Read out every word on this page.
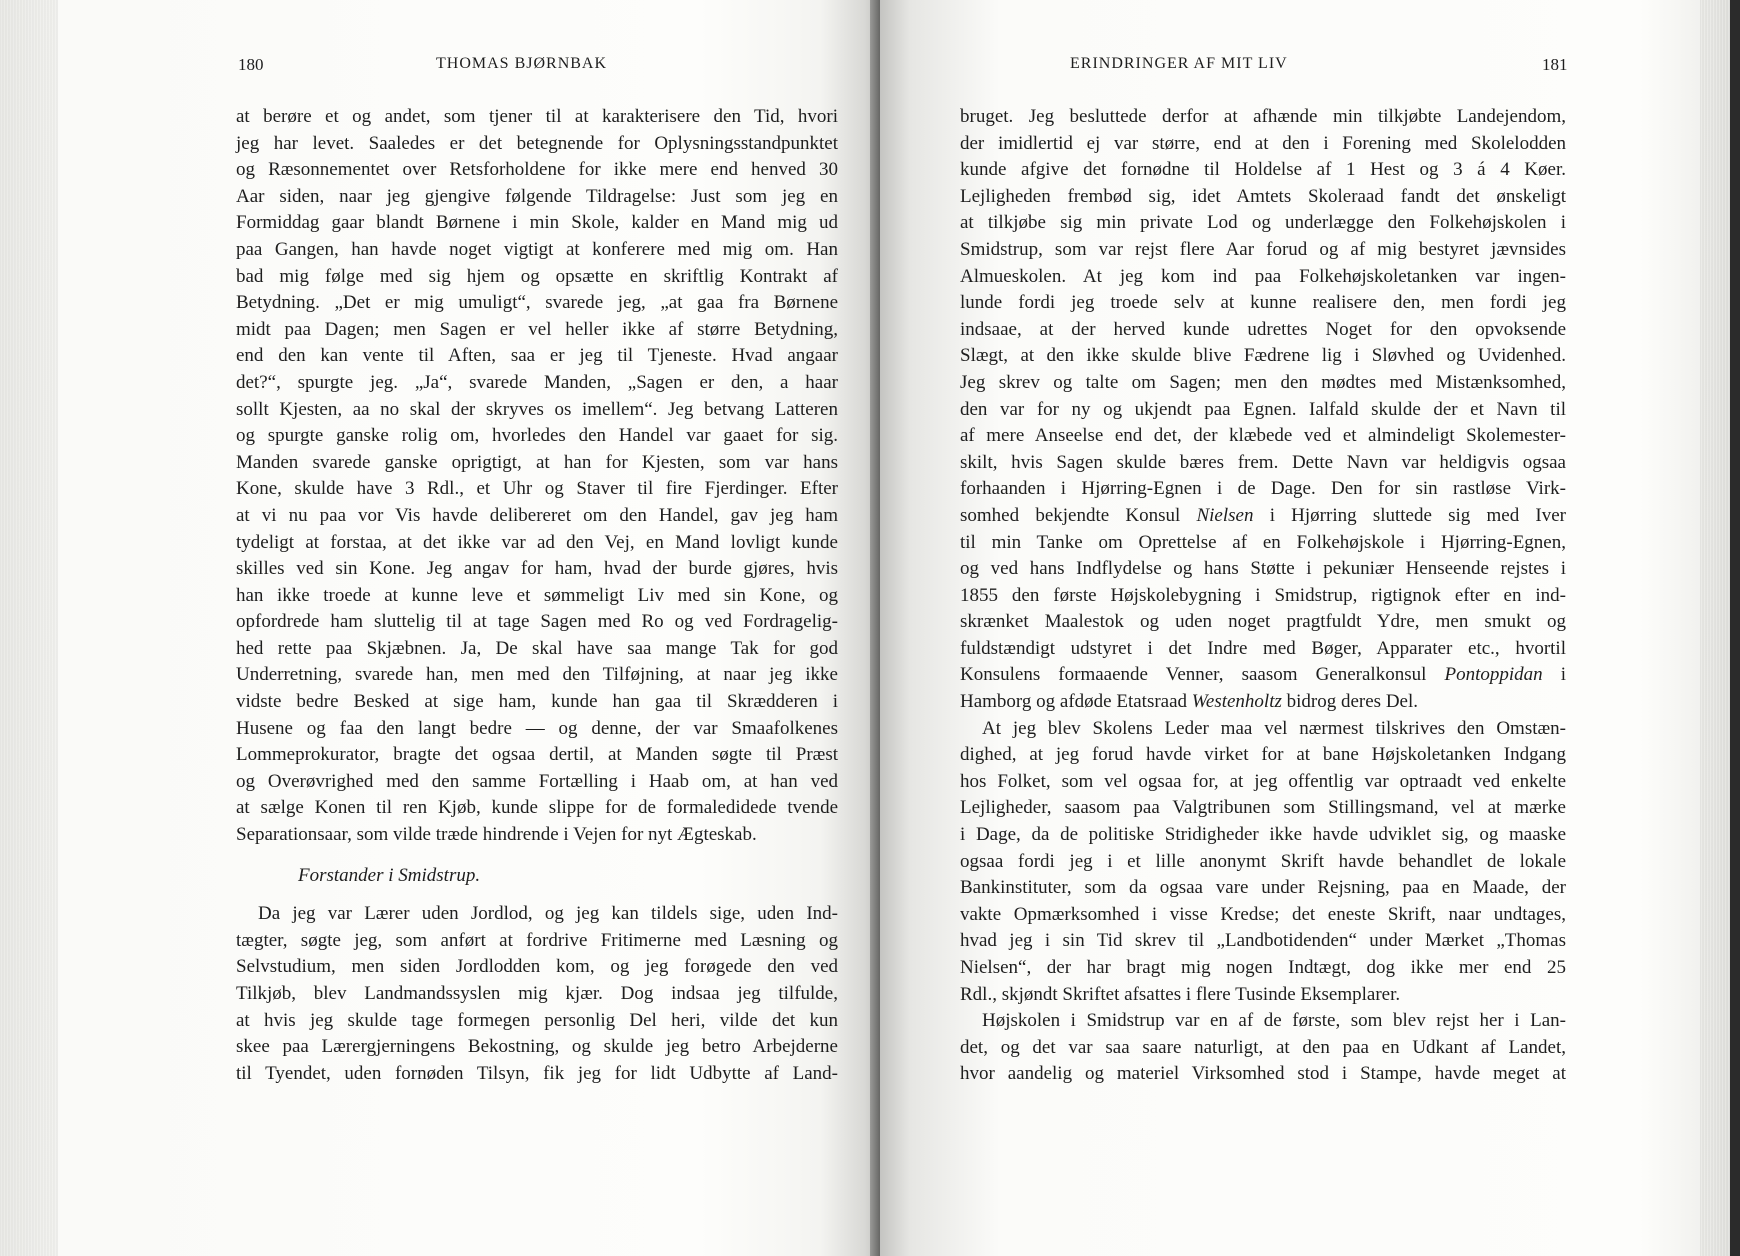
180	THOMAS BJØRNBAK

at berøre et og andet, som tjener til at karakterisere den Tid, hvori
jeg har levet. Saaledes er det betegnende for Oplysningsstandpunktet
og Ræsonnementet over Retsforholdene for ikke mere end henved 30
Aar siden, naar jeg gjengive følgende Tildragelse: Just som jeg en
Formiddag gaar blandt Børnene i min Skole, kalder en Mand mig ud
paa Gangen, han havde noget vigtigt at konferere med mig om. Han
bad mig følge med sig hjem og opsætte en skriftlig Kontrakt af
Betydning. „Det er mig umuligt“, svarede jeg, „at gaa fra Børnene
midt paa Dagen; men Sagen er vel heller ikke af større Betydning,
end den kan vente til Aften, saa er jeg til Tjeneste. Hvad angaar
det?“, spurgte jeg. „Ja“, svarede Manden, „Sagen er den, a haar
sollt Kjesten, aa no skal der skryves os imellem“. Jeg betvang Latteren
og spurgte ganske rolig om, hvorledes den Handel var gaaet for sig.
Manden svarede ganske oprigtigt, at han for Kjesten, som var hans
Kone, skulde have 3 Rdl., et Uhr og Staver til fire Fjerdinger. Efter
at vi nu paa vor Vis havde delibereret om den Handel, gav jeg ham
tydeligt at forstaa, at det ikke var ad den Vej, en Mand lovligt kunde
skilles ved sin Kone. Jeg angav for ham, hvad der burde gjøres, hvis
han ikke troede at kunne leve et sømmeligt Liv med sin Kone, og
opfordrede ham sluttelig til at tage Sagen med Ro og ved Fordragelig-
hed rette paa Skjæbnen. Ja, De skal have saa mange Tak for god
Underretning, svarede han, men med den Tilføjning, at naar jeg ikke
vidste bedre Besked at sige ham, kunde han gaa til Skrædderen i
Husene og faa den langt bedre — og denne, der var Smaafolkenes
Lommeprokurator, bragte det ogsaa dertil, at Manden søgte til Præst
og Overøvrighed med den samme Fortælling i Haab om, at han ved
at sælge Konen til ren Kjøb, kunde slippe for de formaledidede tvende
Separationsaar, som vilde træde hindrende i Vejen for nyt Ægteskab.

Forstander i Smidstrup.

Da jeg var Lærer uden Jordlod, og jeg kan tildels sige, uden Ind-
tægter, søgte jeg, som anført at fordrive Fritimerne med Læsning og
Selvstudium, men siden Jordlodden kom, og jeg forøgede den ved
Tilkjøb, blev Landmandssyslen mig kjær. Dog indsaa jeg tilfulde,
at hvis jeg skulde tage formegen personlig Del heri, vilde det kun
skee paa Lærergjerningens Bekostning, og skulde jeg betro Arbejderne
til Tyendet, uden fornøden Tilsyn, fik jeg for lidt Udbytte af Land-

ERINDRINGER AF MIT LIV	181

bruget. Jeg besluttede derfor at afhænde min tilkjøbte Landejendom,
der imidlertid ej var større, end at den i Forening med Skolelodden
kunde afgive det fornødne til Holdelse af 1 Hest og 3 á 4 Køer.
Lejligheden frembød sig, idet Amtets Skoleraad fandt det ønskeligt
at tilkjøbe sig min private Lod og underlægge den Folkehøjskolen i
Smidstrup, som var rejst flere Aar forud og af mig bestyret jævnsides
Almueskolen. At jeg kom ind paa Folkehøjskoletanken var ingen-
lunde fordi jeg troede selv at kunne realisere den, men fordi jeg
indsaae, at der herved kunde udrettes Noget for den opvoksende
Slægt, at den ikke skulde blive Fædrene lig i Sløvhed og Uvidenhed.
Jeg skrev og talte om Sagen; men den mødtes med Mistænksomhed,
den var for ny og ukjendt paa Egnen. Ialfald skulde der et Navn til
af mere Anseelse end det, der klæbede ved et almindeligt Skolemester-
skilt, hvis Sagen skulde bæres frem. Dette Navn var heldigvis ogsaa
forhaanden i Hjørring-Egnen i de Dage. Den for sin rastløse Virk-
somhed bekjendte Konsul Nielsen i Hjørring sluttede sig med Iver
til min Tanke om Oprettelse af en Folkehøjskole i Hjørring-Egnen,
og ved hans Indflydelse og hans Støtte i pekuniær Henseende rejstes i
1855 den første Højskolebygning i Smidstrup, rigtignok efter en ind-
skrænket Maalestok og uden noget pragtfuldt Ydre, men smukt og
fuldstændigt udstyret i det Indre med Bøger, Apparater etc., hvortil
Konsulens formaaende Venner, saasom Generalkonsul Pontoppidan i
Hamborg og afdøde Etatsraad Westenholtz bidrog deres Del.

At jeg blev Skolens Leder maa vel nærmest tilskrives den Omstæn-
dighed, at jeg forud havde virket for at bane Højskoletanken Indgang
hos Folket, som vel ogsaa for, at jeg offentlig var optraadt ved enkelte
Lejligheder, saasom paa Valgtribunen som Stillingsmand, vel at mærke
i Dage, da de politiske Stridigheder ikke havde udviklet sig, og maaske
ogsaa fordi jeg i et lille anonymt Skrift havde behandlet de lokale
Bankinstituter, som da ogsaa vare under Rejsning, paa en Maade, der
vakte Opmærksomhed i visse Kredse; det eneste Skrift, naar undtages,
hvad jeg i sin Tid skrev til „Landbotidenden“ under Mærket „Thomas
Nielsen“, der har bragt mig nogen Indtægt, dog ikke mer end 25
Rdl., skjøndt Skriftet afsattes i flere Tusinde Eksemplarer.

Højskolen i Smidstrup var en af de første, som blev rejst her i Lan-
det, og det var saa saare naturligt, at den paa en Udkant af Landet,
hvor aandelig og materiel Virksomhed stod i Stampe, havde meget at
